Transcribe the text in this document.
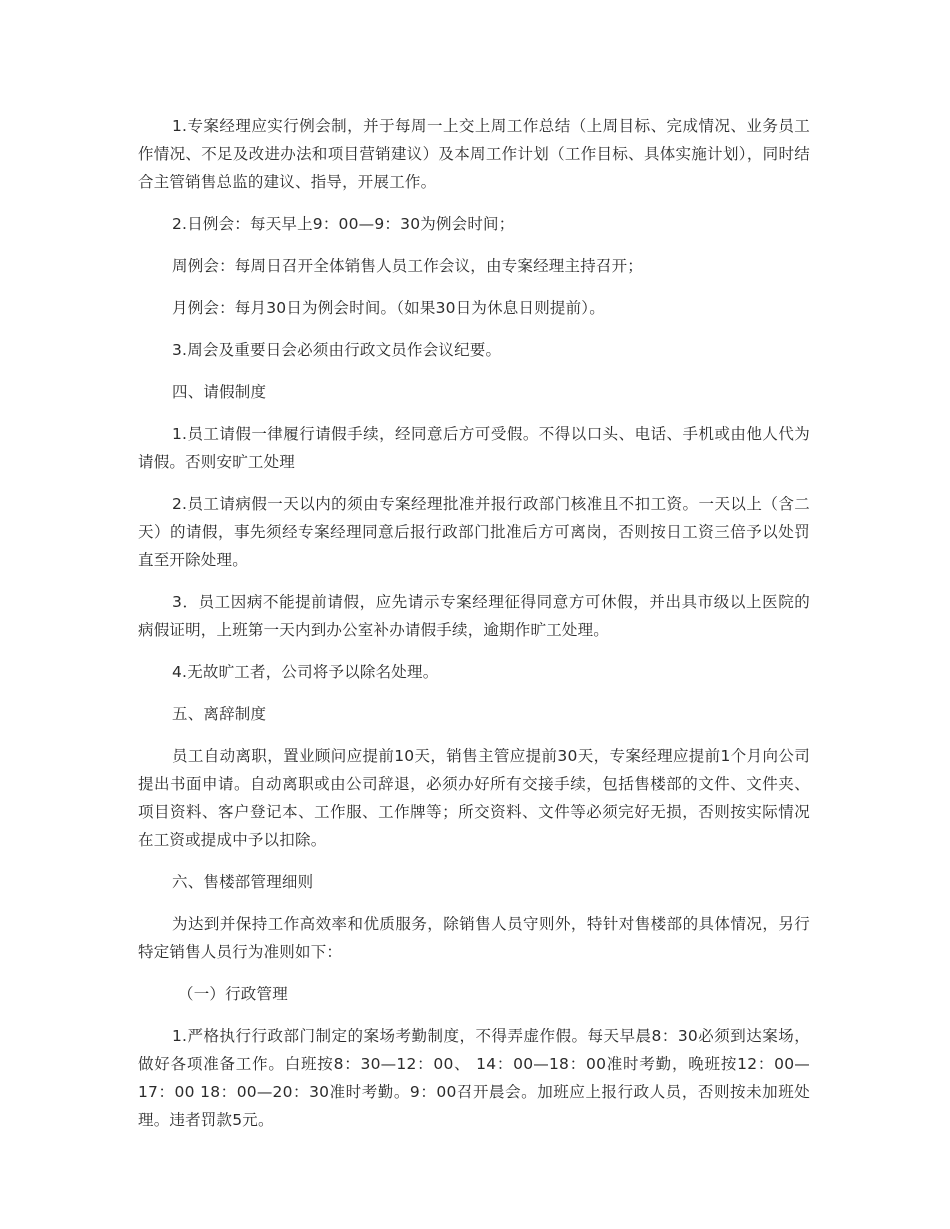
1.专案经理应实行例会制，并于每周一上交上周工作总结（上周目标、完成情况、业务员工作情况、不足及改进办法和项目营销建议）及本周工作计划（工作目标、具体实施计划），同时结合主管销售总监的建议、指导，开展工作。

2.日例会：每天早上9：00—9：30为例会时间；

周例会：每周日召开全体销售人员工作会议，由专案经理主持召开；

月例会：每月30日为例会时间。（如果30日为休息日则提前）。

3.周会及重要日会必须由行政文员作会议纪要。

四、请假制度

1.员工请假一律履行请假手续，经同意后方可受假。不得以口头、电话、手机或由他人代为请假。否则安旷工处理

2.员工请病假一天以内的须由专案经理批准并报行政部门核准且不扣工资。一天以上（含二天）的请假，事先须经专案经理同意后报行政部门批准后方可离岗，否则按日工资三倍予以处罚直至开除处理。

3．员工因病不能提前请假，应先请示专案经理征得同意方可休假，并出具市级以上医院的病假证明，上班第一天内到办公室补办请假手续，逾期作旷工处理。

4.无故旷工者，公司将予以除名处理。

五、离辞制度

员工自动离职，置业顾问应提前10天，销售主管应提前30天，专案经理应提前1个月向公司提出书面申请。自动离职或由公司辞退，必须办好所有交接手续，包括售楼部的文件、文件夹、项目资料、客户登记本、工作服、工作牌等；所交资料、文件等必须完好无损，否则按实际情况在工资或提成中予以扣除。

六、售楼部管理细则

为达到并保持工作高效率和优质服务，除销售人员守则外，特针对售楼部的具体情况，另行特定销售人员行为准则如下：

（一）行政管理

1.严格执行行政部门制定的案场考勤制度，不得弄虚作假。每天早晨8：30必须到达案场，做好各项准备工作。白班按8：30—12：00、 14：00—18：00准时考勤，晚班按12：00—17：00 18：00—20：30准时考勤。9：00召开晨会。加班应上报行政人员，否则按未加班处理。违者罚款5元。
